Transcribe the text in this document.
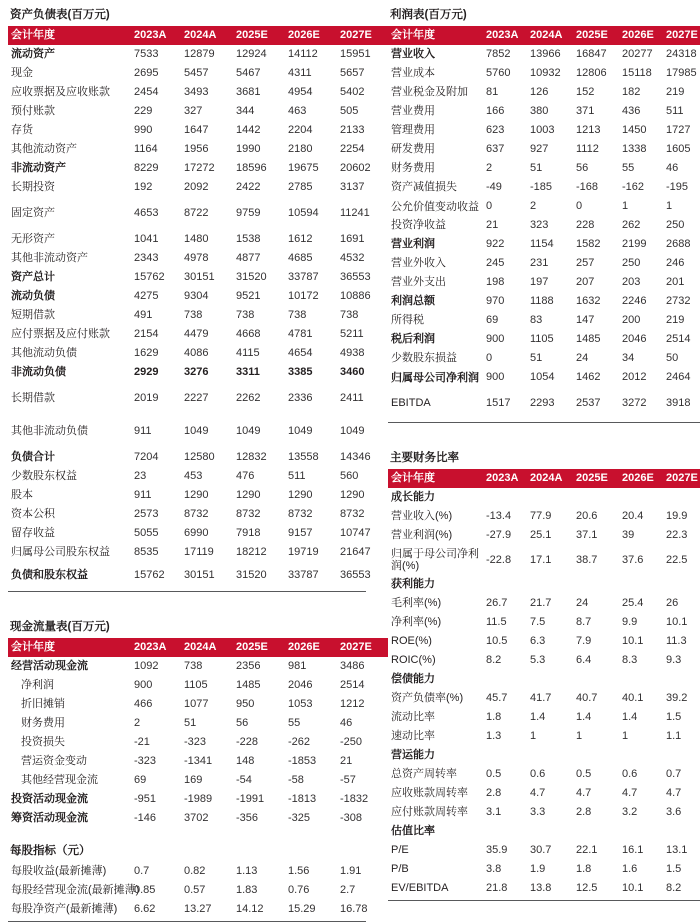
资产负债表(百万元)
会计年度	2023A	2024A	2025E	2026E	2027E
流动资产	7533	12879	12924	14112	15951
现金	2695	5457	5467	4311	5657
应收票据及应收账款	2454	3493	3681	4954	5402
预付账款	229	327	344	463	505
存货	990	1647	1442	2204	2133
其他流动资产	1164	1956	1990	2180	2254
非流动资产	8229	17272	18596	19675	20602
长期投资	192	2092	2422	2785	3137
固定资产	4653	8722	9759	10594	11241
无形资产	1041	1480	1538	1612	1691
其他非流动资产	2343	4978	4877	4685	4532
资产总计	15762	30151	31520	33787	36553
流动负债	4275	9304	9521	10172	10886
短期借款	491	738	738	738	738
应付票据及应付账款	2154	4479	4668	4781	5211
其他流动负债	1629	4086	4115	4654	4938
非流动负债	2929	3276	3311	3385	3460
长期借款	2019	2227	2262	2336	2411
其他非流动负债	911	1049	1049	1049	1049
负债合计	7204	12580	12832	13558	14346
少数股东权益	23	453	476	511	560
股本	911	1290	1290	1290	1290
资本公积	2573	8732	8732	8732	8732
留存收益	5055	6990	7918	9157	10747
归属母公司股东权益	8535	17119	18212	19719	21647
负债和股东权益	15762	30151	31520	33787	36553
现金流量表(百万元)
会计年度	2023A	2024A	2025E	2026E	2027E
经营活动现金流	1092	738	2356	981	3486
净利润	900	1105	1485	2046	2514
折旧摊销	466	1077	950	1053	1212
财务费用	2	51	56	55	46
投资损失	-21	-323	-228	-262	-250
营运资金变动	-323	-1341	148	-1853	21
其他经营现金流	69	169	-54	-58	-57
投资活动现金流	-951	-1989	-1991	-1813	-1832
筹资活动现金流	-146	3702	-356	-325	-308
每股指标（元）
每股收益(最新摊薄)	0.7	0.82	1.13	1.56	1.91
每股经营现金流(最新摊薄)	0.85	0.57	1.83	0.76	2.7
每股净资产(最新摊薄)	6.62	13.27	14.12	15.29	16.78
利润表(百万元)
会计年度	2023A	2024A	2025E	2026E	2027E
营业收入	7852	13966	16847	20277	24318
营业成本	5760	10932	12806	15118	17985
营业税金及附加	81	126	152	182	219
营业费用	166	380	371	436	511
管理费用	623	1003	1213	1450	1727
研发费用	637	927	1112	1338	1605
财务费用	2	51	56	55	46
资产减值损失	-49	-185	-168	-162	-195
公允价值变动收益	0	2	0	1	1
投资净收益	21	323	228	262	250
营业利润	922	1154	1582	2199	2688
营业外收入	245	231	257	250	246
营业外支出	198	197	207	203	201
利润总额	970	1188	1632	2246	2732
所得税	69	83	147	200	219
税后利润	900	1105	1485	2046	2514
少数股东损益	0	51	24	34	50
归属母公司净利润	900	1054	1462	2012	2464
EBITDA	1517	2293	2537	3272	3918
主要财务比率
会计年度	2023A	2024A	2025E	2026E	2027E
成长能力					
营业收入(%)	-13.4	77.9	20.6	20.4	19.9
营业利润(%)	-27.9	25.1	37.1	39	22.3
归属于母公司净利润(%)	-22.8	17.1	38.7	37.6	22.5
获利能力					
毛利率(%)	26.7	21.7	24	25.4	26
净利率(%)	11.5	7.5	8.7	9.9	10.1
ROE(%)	10.5	6.3	7.9	10.1	11.3
ROIC(%)	8.2	5.3	6.4	8.3	9.3
偿债能力					
资产负债率(%)	45.7	41.7	40.7	40.1	39.2
流动比率	1.8	1.4	1.4	1.4	1.5
速动比率	1.3	1	1	1	1.1
营运能力					
总资产周转率	0.5	0.6	0.5	0.6	0.7
应收账款周转率	2.8	4.7	4.7	4.7	4.7
应付账款周转率	3.1	3.3	2.8	3.2	3.6
估值比率					
P/E	35.9	30.7	22.1	16.1	13.1
P/B	3.8	1.9	1.8	1.6	1.5
EV/EBITDA	21.8	13.8	12.5	10.1	8.2
